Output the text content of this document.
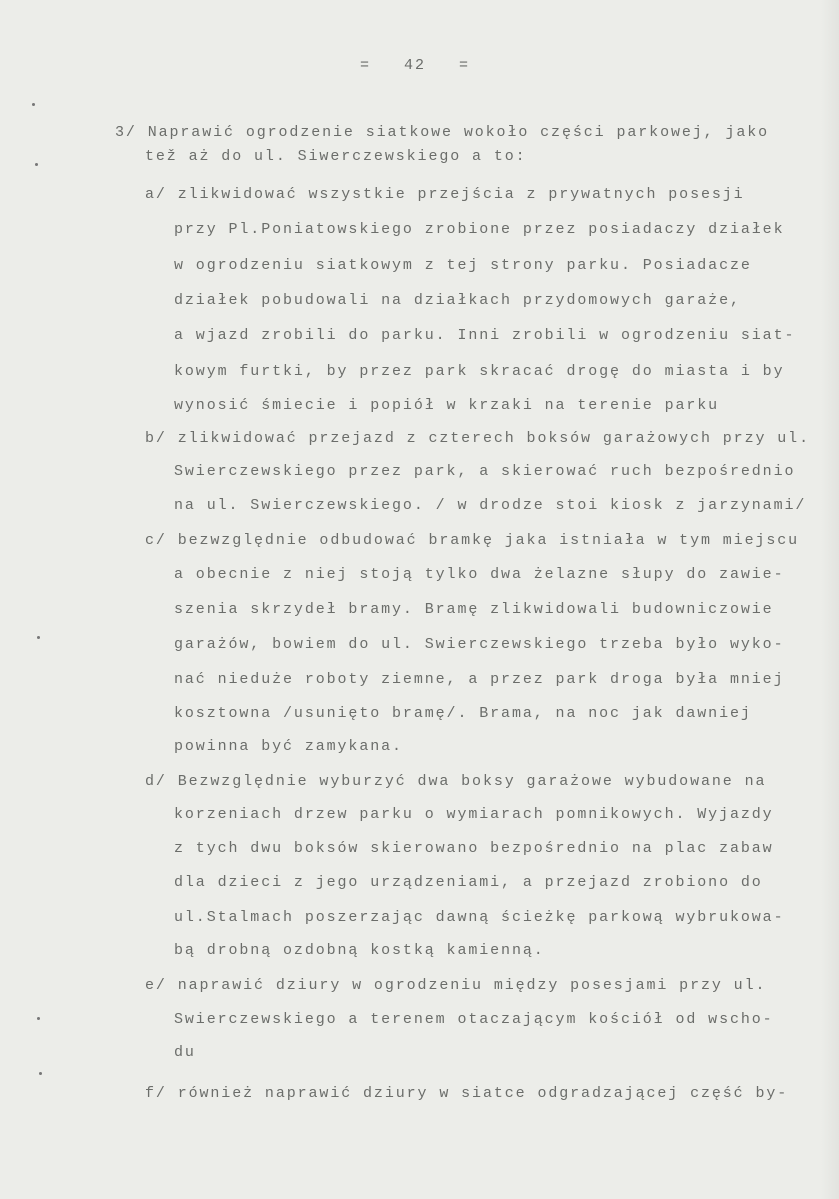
=   42   =
3/ Naprawić ogrodzenie siatkowe wokoło części parkowej, jako
tež aż do ul. Siwerczewskiego a to:
a/ zlikwidować wszystkie przejścia z prywatnych posesji
przy Pl.Poniatowskiego zrobione przez posiadaczy działek
w ogrodzeniu siatkowym z tej strony parku. Posiadacze
działek pobudowali na działkach przydomowych garaże,
a wjazd zrobili do parku. Inni zrobili w ogrodzeniu siat-
kowym furtki, by przez park skracać drogę do miasta i by
wynosić śmiecie i popiół w krzaki na terenie parku
b/ zlikwidować przejazd z czterech boksów garażowych przy ul.
Swierczewskiego przez park, a skierować ruch bezpośrednio
na ul. Swierczewskiego. / w drodze stoi kiosk z jarzynami/
c/ bezwzględnie odbudować bramkę jaka istniała w tym miejscu
a obecnie z niej stoją tylko dwa żelazne słupy do zawie-
szenia skrzydeł bramy. Bramę zlikwidowali budowniczowie
garażów, bowiem do ul. Swierczewskiego trzeba było wyko-
nać nieduże roboty ziemne, a przez park droga była mniej
kosztowna /usunięto bramę/. Brama, na noc jak dawniej
powinna być zamykana.
d/ Bezwzględnie wyburzyć dwa boksy garażowe wybudowane na
korzeniach drzew parku o wymiarach pomnikowych. Wyjazdy
z tych dwu boksów skierowano bezpośrednio na plac zabaw
dla dzieci z jego urządzeniami, a przejazd zrobiono do
ul.Stalmach poszerzając dawną ścieżkę parkową wybrukowa-
bą drobną ozdobną kostką kamienną.
e/ naprawić dziury w ogrodzeniu między posesjami przy ul.
Swierczewskiego a terenem otaczającym kościół od wschо-
du
f/ również naprawić dziury w siatce odgradzającej część by-
